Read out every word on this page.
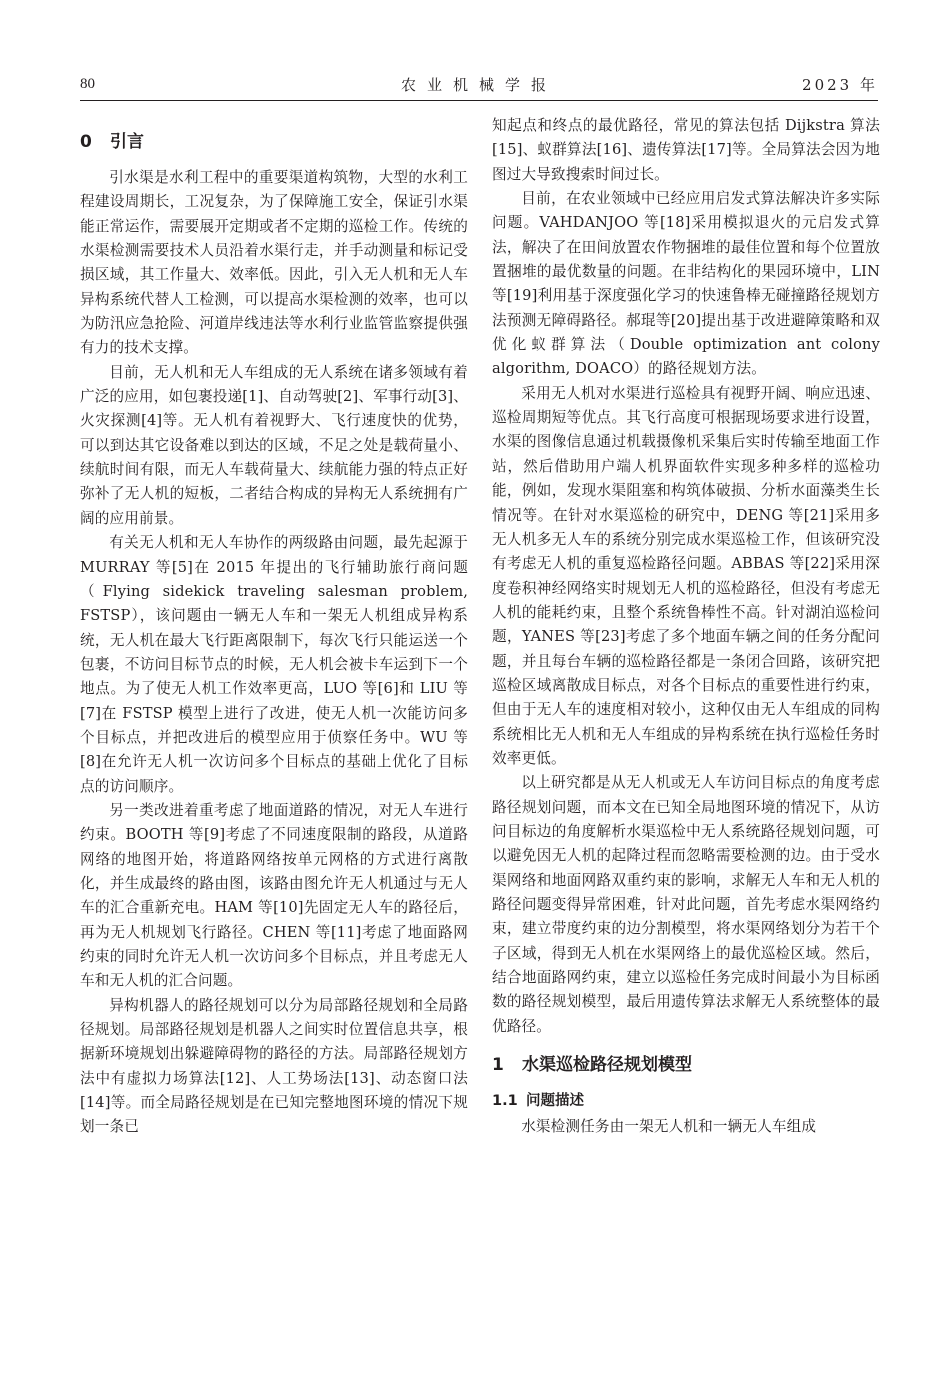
80	农业机械学报	2023 年
0 引言

引水渠是水利工程中的重要渠道构筑物，大型的水利工程建设周期长，工况复杂，为了保障施工安全，保证引水渠能正常运作，需要展开定期或者不定期的巡检工作。传统的水渠检测需要技术人员沿着水渠行走，并手动测量和标记受损区域，其工作量大、效率低。因此，引入无人机和无人车异构系统代替人工检测，可以提高水渠检测的效率，也可以为防汛应急抢险、河道岸线违法等水利行业监管监察提供强有力的技术支撑。

目前，无人机和无人车组成的无人系统在诸多领域有着广泛的应用，如包裹投递[1]、自动驾驶[2]、军事行动[3]、火灾探测[4]等。无人机有着视野大、飞行速度快的优势，可以到达其它设备难以到达的区域，不足之处是载荷量小、续航时间有限，而无人车载荷量大、续航能力强的特点正好弥补了无人机的短板，二者结合构成的异构无人系统拥有广阔的应用前景。

有关无人机和无人车协作的两级路由问题，最先起源于 MURRAY 等[5]在 2015 年提出的飞行辅助旅行商问题（Flying sidekick traveling salesman problem, FSTSP），该问题由一辆无人车和一架无人机组成异构系统，无人机在最大飞行距离限制下，每次飞行只能运送一个包裹，不访问目标节点的时候，无人机会被卡车运到下一个地点。为了使无人机工作效率更高，LUO 等[6]和 LIU 等[7]在 FSTSP 模型上进行了改进，使无人机一次能访问多个目标点，并把改进后的模型应用于侦察任务中。WU 等[8]在允许无人机一次访问多个目标点的基础上优化了目标点的访问顺序。

另一类改进着重考虑了地面道路的情况，对无人车进行约束。BOOTH 等[9]考虑了不同速度限制的路段，从道路网络的地图开始，将道路网络按单元网格的方式进行离散化，并生成最终的路由图，该路由图允许无人机通过与无人车的汇合重新充电。HAM 等[10]先固定无人车的路径后，再为无人机规划飞行路径。CHEN 等[11]考虑了地面路网约束的同时允许无人机一次访问多个目标点，并且考虑无人车和无人机的汇合问题。

异构机器人的路径规划可以分为局部路径规划和全局路径规划。局部路径规划是机器人之间实时位置信息共享，根据新环境规划出躲避障碍物的路径的方法。局部路径规划方法中有虚拟力场算法[12]、人工势场法[13]、动态窗口法[14]等。而全局路径规划是在已知完整地图环境的情况下规划一条已

知起点和终点的最优路径，常见的算法包括 Dijkstra 算法[15]、蚁群算法[16]、遗传算法[17]等。全局算法会因为地图过大导致搜索时间过长。

目前，在农业领域中已经应用启发式算法解决许多实际问题。VAHDANJOO 等[18]采用模拟退火的元启发式算法，解决了在田间放置农作物捆堆的最佳位置和每个位置放置捆堆的最优数量的问题。在非结构化的果园环境中，LIN 等[19]利用基于深度强化学习的快速鲁棒无碰撞路径规划方法预测无障碍路径。郝琨等[20]提出基于改进避障策略和双优化蚁群算法（Double optimization ant colony algorithm, DOACO）的路径规划方法。

采用无人机对水渠进行巡检具有视野开阔、响应迅速、巡检周期短等优点。其飞行高度可根据现场要求进行设置，水渠的图像信息通过机载摄像机采集后实时传输至地面工作站，然后借助用户端人机界面软件实现多种多样的巡检功能，例如，发现水渠阻塞和构筑体破损、分析水面藻类生长情况等。在针对水渠巡检的研究中，DENG 等[21]采用多无人机多无人车的系统分别完成水渠巡检工作，但该研究没有考虑无人机的重复巡检路径问题。ABBAS 等[22]采用深度卷积神经网络实时规划无人机的巡检路径，但没有考虑无人机的能耗约束，且整个系统鲁棒性不高。针对湖泊巡检问题，YANES 等[23]考虑了多个地面车辆之间的任务分配问题，并且每台车辆的巡检路径都是一条闭合回路，该研究把巡检区域离散成目标点，对各个目标点的重要性进行约束，但由于无人车的速度相对较小，这种仅由无人车组成的同构系统相比无人机和无人车组成的异构系统在执行巡检任务时效率更低。

以上研究都是从无人机或无人车访问目标点的角度考虑路径规划问题，而本文在已知全局地图环境的情况下，从访问目标边的角度解析水渠巡检中无人系统路径规划问题，可以避免因无人机的起降过程而忽略需要检测的边。由于受水渠网络和地面网路双重约束的影响，求解无人车和无人机的路径问题变得异常困难，针对此问题，首先考虑水渠网络约束，建立带度约束的边分割模型，将水渠网络划分为若干个子区域，得到无人机在水渠网络上的最优巡检区域。然后，结合地面路网约束，建立以巡检任务完成时间最小为目标函数的路径规划模型，最后用遗传算法求解无人系统整体的最优路径。

1 水渠巡检路径规划模型
1.1 问题描述

水渠检测任务由一架无人机和一辆无人车组成
